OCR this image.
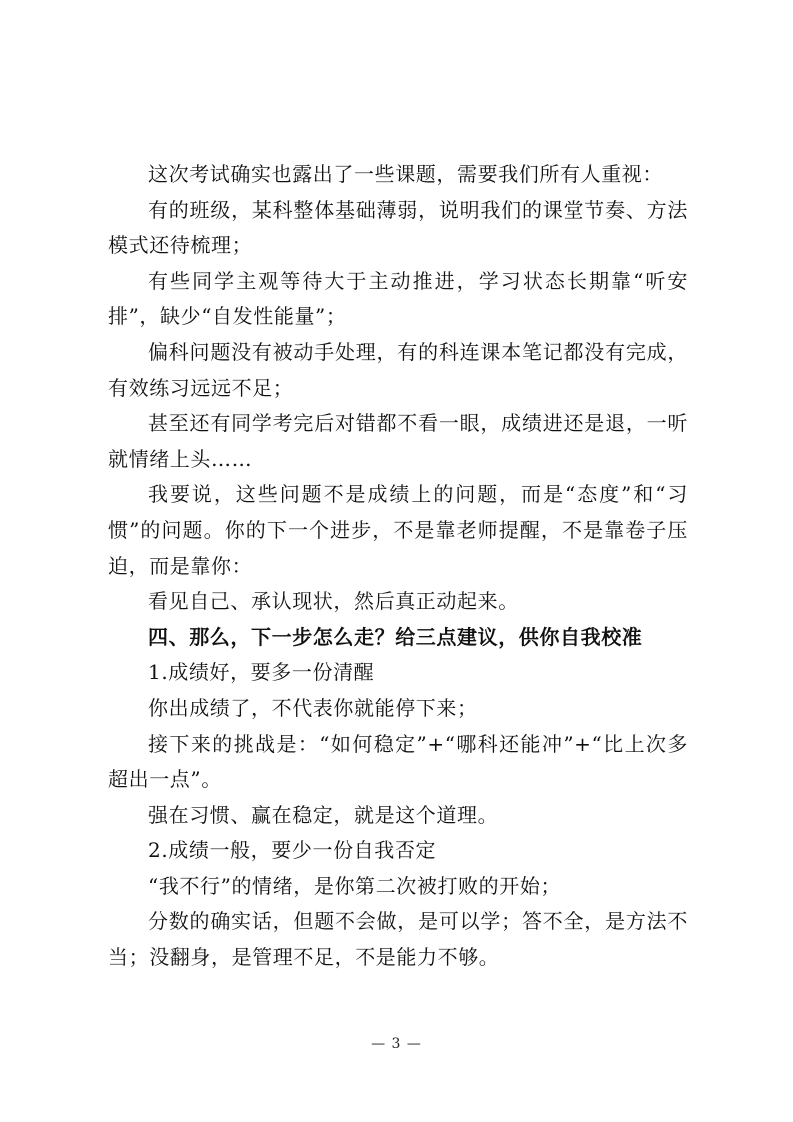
这次考试确实也露出了一些课题，需要我们所有人重视：

有的班级，某科整体基础薄弱，说明我们的课堂节奏、方法模式还待梳理；

有些同学主观等待大于主动推进，学习状态长期靠“听安排”，缺少“自发性能量”；

偏科问题没有被动手处理，有的科连课本笔记都没有完成，有效练习远远不足；

甚至还有同学考完后对错都不看一眼，成绩进还是退，一听就情绪上头……

我要说，这些问题不是成绩上的问题，而是“态度”和“习惯”的问题。你的下一个进步，不是靠老师提醒，不是靠卷子压迫，而是靠你：

看见自己、承认现状，然后真正动起来。

四、那么，下一步怎么走？给三点建议，供你自我校准

1.成绩好，要多一份清醒

你出成绩了，不代表你就能停下来；

接下来的挑战是：“如何稳定”+“哪科还能冲”+“比上次多超出一点”。

强在习惯、赢在稳定，就是这个道理。

2.成绩一般，要少一份自我否定

“我不行”的情绪，是你第二次被打败的开始；

分数的确实话，但题不会做，是可以学；答不全，是方法不当；没翻身，是管理不足，不是能力不够。

— 3 —
